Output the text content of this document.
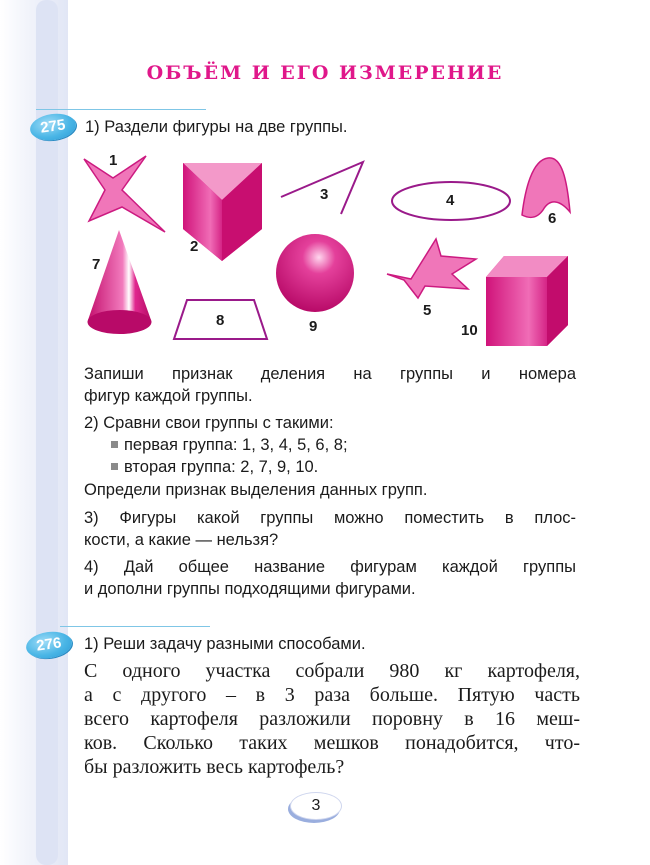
ОБЪЁМ И ЕГО ИЗМЕРЕНИЕ
275	1) Раздели фигуры на две группы.
1
2
3	4
5
6
7
8	9	10
Запиши признак деления на группы и номера
фигур каждой группы.
2) Сравни свои группы с такими:
первая группа: 1, 3, 4, 5, 6, 8;
вторая группа: 2, 7, 9, 10.
Определи признак выделения данных групп.
3) Фигуры какой группы можно поместить в плос-
кости, а какие — нельзя?
4) Дай общее название фигурам каждой группы
и дополни группы подходящими фигурами.
276	1) Реши задачу разными способами.
С одного участка собрали 980 кг картофеля,
а с другого – в 3 раза больше. Пятую часть
всего картофеля разложили поровну в 16 меш-
ков. Сколько таких мешков понадобится, что-
бы разложить весь картофель?
3
